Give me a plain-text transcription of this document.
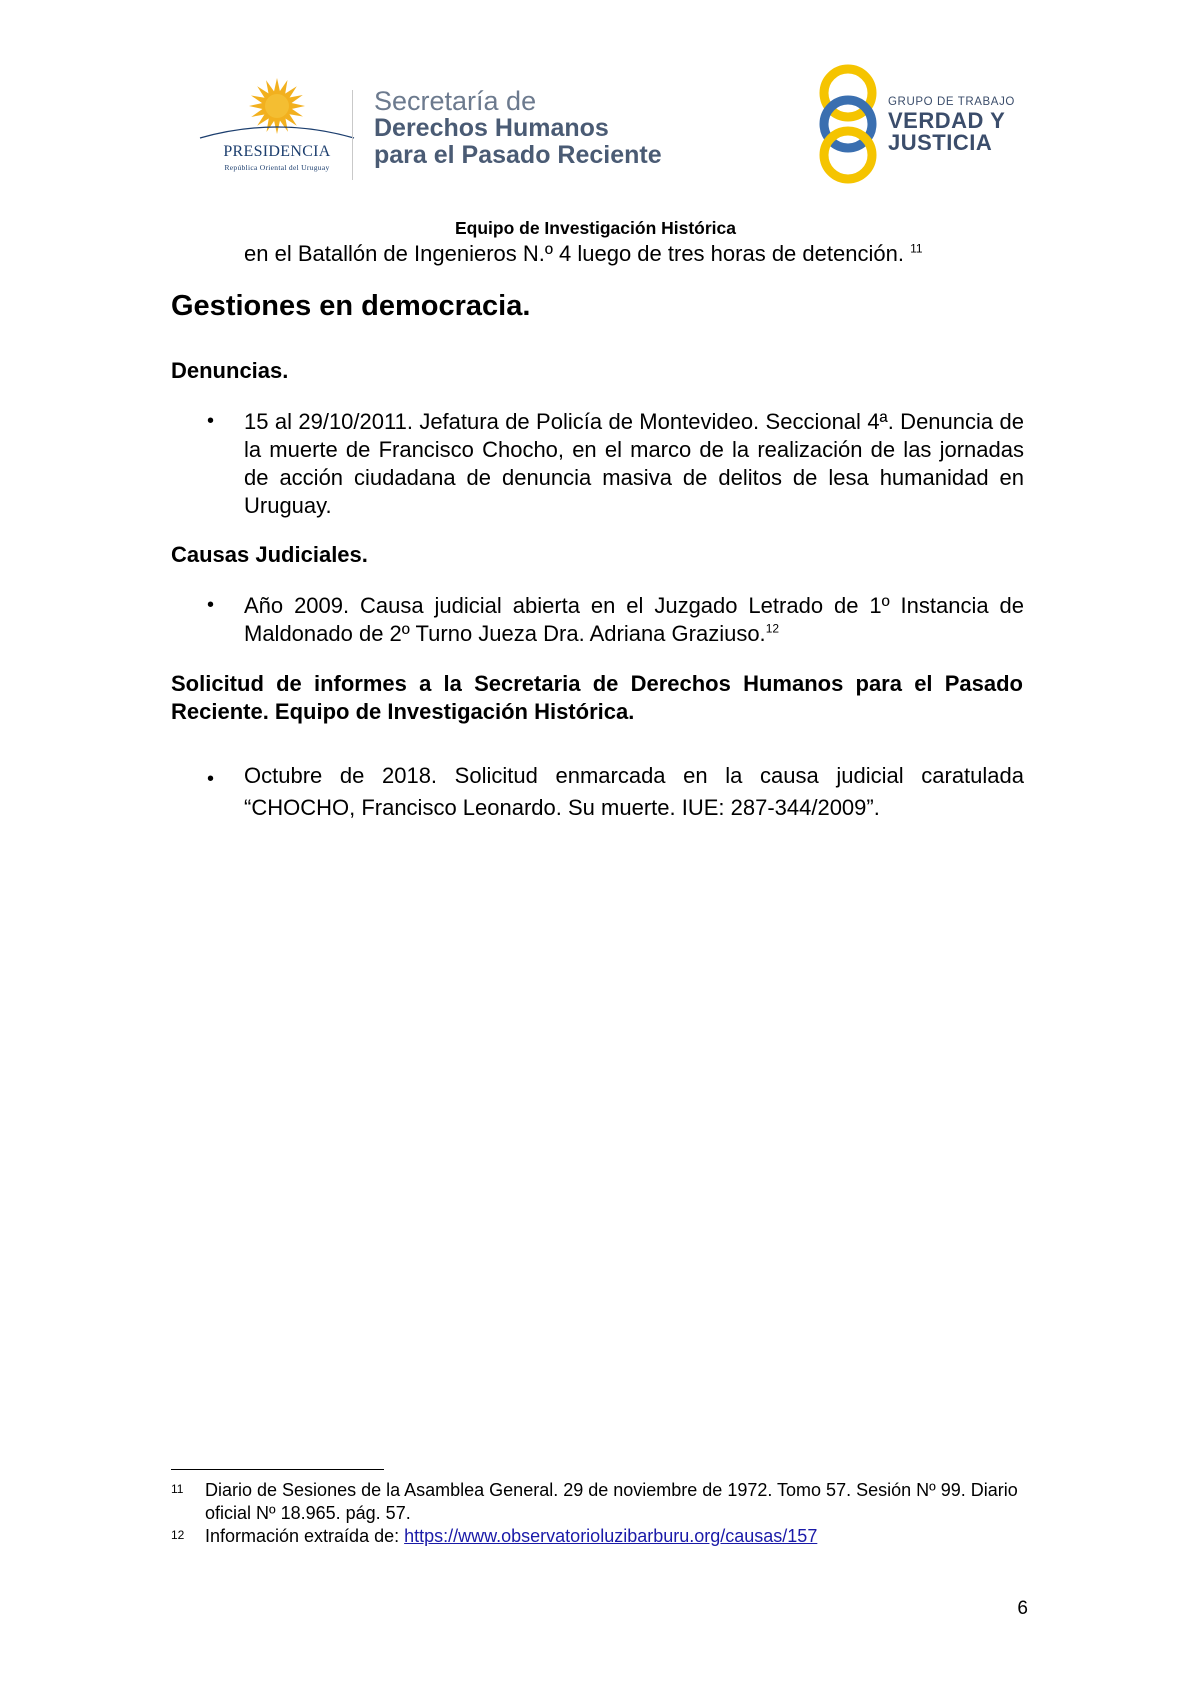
PRESIDENCIA
República Oriental del Uruguay
Secretaría de
Derechos Humanos
para el Pasado Reciente
GRUPO DE TRABAJO
VERDAD Y
JUSTICIA
Equipo de Investigación Histórica
en el Batallón de Ingenieros N.º 4 luego de tres horas de detención. $^{11}$
Gestiones en democracia.
Denuncias.
• 15 al 29/10/2011. Jefatura de Policía de Montevideo. Seccional 4ª. Denuncia de la muerte de Francisco Chocho, en el marco de la realización de las jornadas de acción ciudadana de denuncia masiva de delitos de lesa humanidad en Uruguay.
Causas Judiciales.
• Año 2009. Causa judicial abierta en el Juzgado Letrado de 1º Instancia de Maldonado de 2º Turno Jueza Dra. Adriana Graziuso.$^{12}$
Solicitud de informes a la Secretaria de Derechos Humanos para el Pasado Reciente. Equipo de Investigación Histórica.
• Octubre de 2018. Solicitud enmarcada en la causa judicial caratulada “CHOCHO, Francisco Leonardo. Su muerte. IUE: 287-344/2009”.
11 Diario de Sesiones de la Asamblea General. 29 de noviembre de 1972. Tomo 57. Sesión Nº 99. Diario oficial Nº 18.965. pág. 57.
12 Información extraída de: https://www.observatorioluzibarburu.org/causas/157
6
